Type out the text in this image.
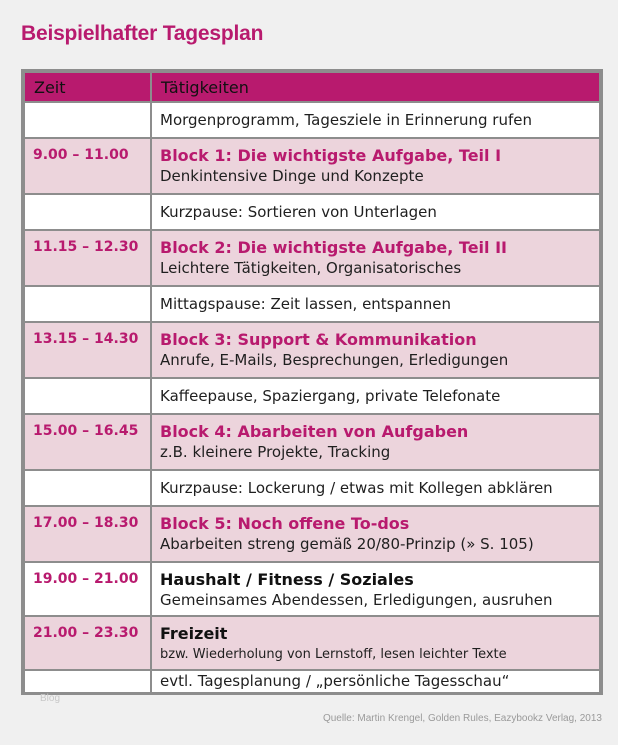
Beispielhafter Tagesplan
Zeit	Tätigkeiten
	Morgenprogramm, Tagesziele in Erinnerung rufen
9.00 – 11.00	Block 1: Die wichtigste Aufgabe, Teil I
Denkintensive Dinge und Konzepte

	Kurzpause: Sortieren von Unterlagen
11.15 – 12.30	Block 2: Die wichtigste Aufgabe, Teil II
Leichtere Tätigkeiten, Organisatorisches

	Mittagspause: Zeit lassen, entspannen
13.15 – 14.30	Block 3: Support & Kommunikation
Anrufe, E-Mails, Besprechungen, Erledigungen

	Kaffeepause, Spaziergang, private Telefonate
15.00 – 16.45	Block 4: Abarbeiten von Aufgaben
z.B. kleinere Projekte, Tracking

	Kurzpause: Lockerung / etwas mit Kollegen abklären
17.00 – 18.30	Block 5: Noch offene To-dos
Abarbeiten streng gemäß 20/80-Prinzip (» S. 105)

19.00 – 21.00	Haushalt / Fitness / Soziales
Gemeinsames Abendessen, Erledigungen, ausruhen

21.00 – 23.30	Freizeit
bzw. Wiederholung von Lernstoff, lesen leichter Texte

	evtl. Tagesplanung / „persönliche Tagesschau“
Blog
Quelle: Martin Krengel, Golden Rules, Eazybookz Verlag, 2013
